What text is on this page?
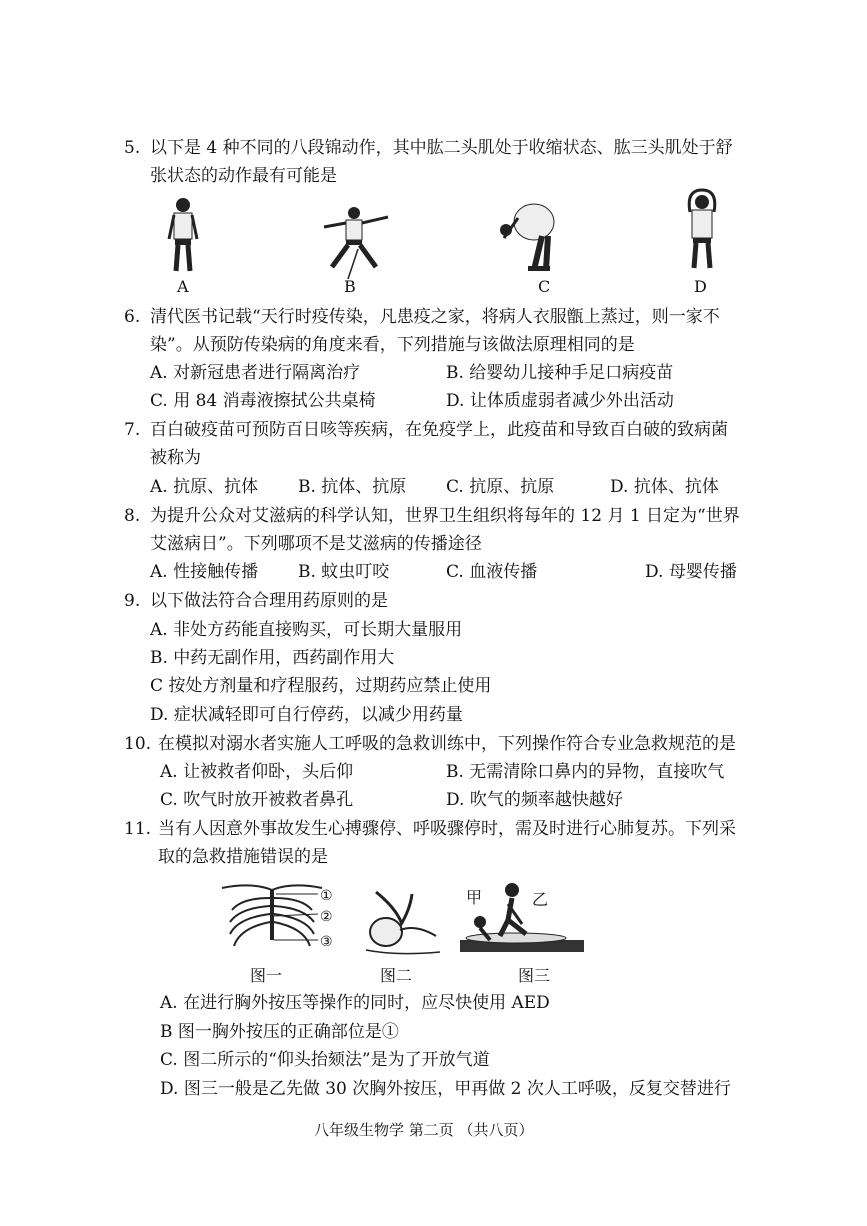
5. 以下是 4 种不同的八段锦动作，其中肱二头肌处于收缩状态、肱三头肌处于舒
张状态的动作最有可能是
A	B	C	D
6. 清代医书记载“天行时疫传染，凡患疫之家，将病人衣服甑上蒸过，则一家不
染”。从预防传染病的角度来看，下列措施与该做法原理相同的是
A. 对新冠患者进行隔离治疗	B. 给婴幼儿接种手足口病疫苗
C. 用 84 消毒液擦拭公共桌椅	D. 让体质虚弱者减少外出活动
7. 百白破疫苗可预防百日咳等疾病，在免疫学上，此疫苗和导致百白破的致病菌
被称为
A. 抗原、抗体 B. 抗体、抗原 C. 抗原、抗原	D. 抗体、抗体
8. 为提升公众对艾滋病的科学认知，世界卫生组织将每年的 12 月 1 日定为“世界
艾滋病日”。下列哪项不是艾滋病的传播途径
A. 性接触传播 B. 蚊虫叮咬	C. 血液传播	D. 母婴传播
9. 以下做法符合合理用药原则的是
A. 非处方药能直接购买，可长期大量服用
B. 中药无副作用，西药副作用大
C 按处方剂量和疗程服药，过期药应禁止使用
D. 症状减轻即可自行停药，以减少用药量
10. 在模拟对溺水者实施人工呼吸的急救训练中，下列操作符合专业急救规范的是
A. 让被救者仰卧，头后仰	B. 无需清除口鼻内的异物，直接吹气
C. 吹气时放开被救者鼻孔	D. 吹气的频率越快越好
11. 当有人因意外事故发生心搏骤停、呼吸骤停时，需及时进行心肺复苏。下列采
取的急救措施错误的是
①
②
③
图一	图二
甲	乙
图三
A. 在进行胸外按压等操作的同时，应尽快使用 AED
B 图一胸外按压的正确部位是①
C. 图二所示的“仰头抬颏法”是为了开放气道
D. 图三一般是乙先做 30 次胸外按压，甲再做 2 次人工呼吸，反复交替进行
八年级生物学 第二页 （共八页）
